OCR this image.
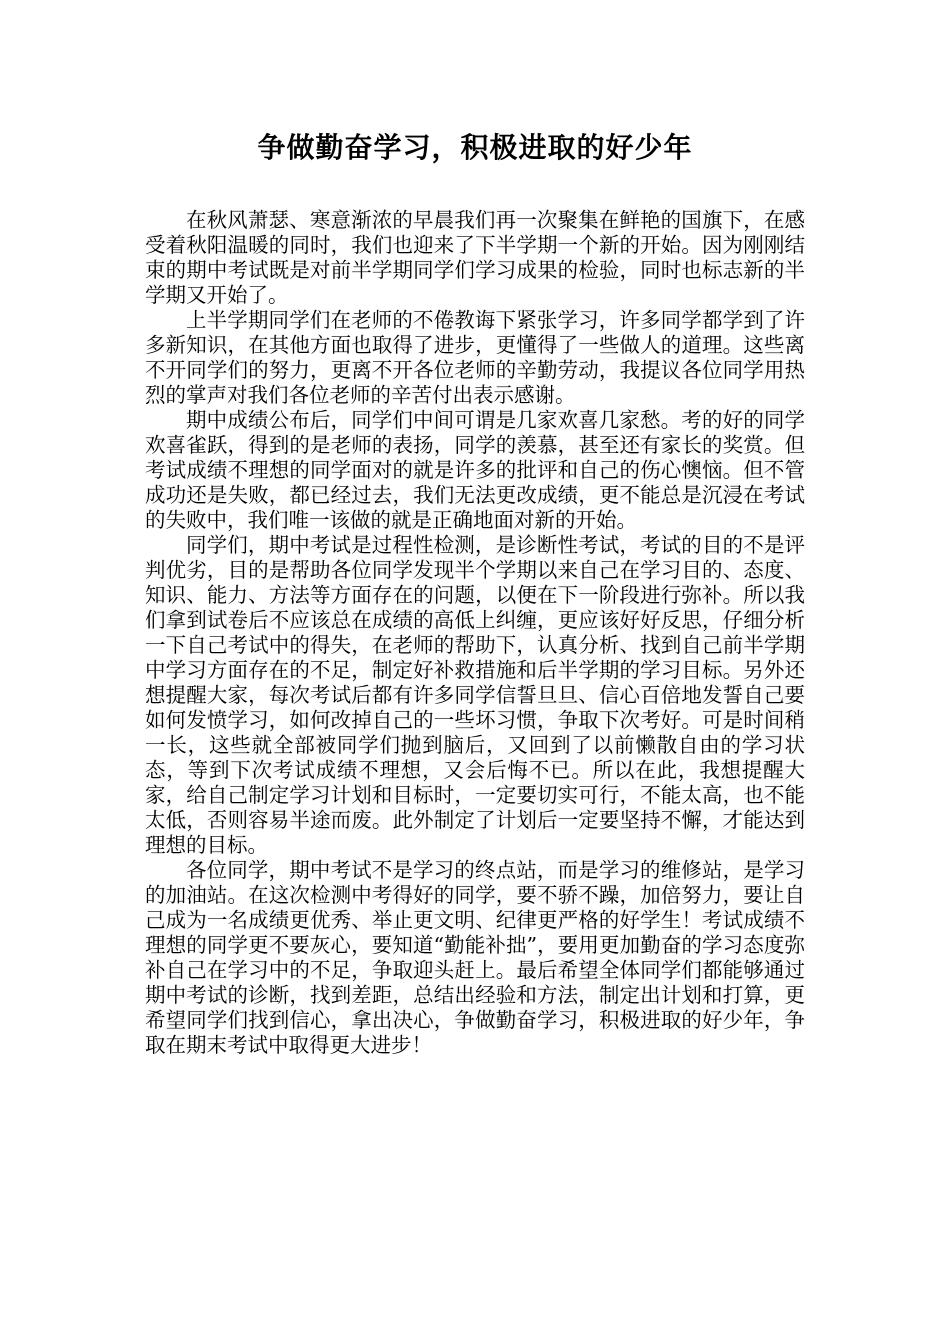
争做勤奋学习，积极进取的好少年

在秋风萧瑟、寒意渐浓的早晨我们再一次聚集在鲜艳的国旗下，在感受着秋阳温暖的同时，我们也迎来了下半学期一个新的开始。因为刚刚结束的期中考试既是对前半学期同学们学习成果的检验，同时也标志新的半学期又开始了。

上半学期同学们在老师的不倦教诲下紧张学习，许多同学都学到了许多新知识，在其他方面也取得了进步，更懂得了一些做人的道理。这些离不开同学们的努力，更离不开各位老师的辛勤劳动，我提议各位同学用热烈的掌声对我们各位老师的辛苦付出表示感谢。

期中成绩公布后，同学们中间可谓是几家欢喜几家愁。考的好的同学欢喜雀跃，得到的是老师的表扬，同学的羡慕，甚至还有家长的奖赏。但考试成绩不理想的同学面对的就是许多的批评和自己的伤心懊恼。但不管成功还是失败，都已经过去，我们无法更改成绩，更不能总是沉浸在考试的失败中，我们唯一该做的就是正确地面对新的开始。

同学们，期中考试是过程性检测，是诊断性考试，考试的目的不是评判优劣，目的是帮助各位同学发现半个学期以来自己在学习目的、态度、知识、能力、方法等方面存在的问题，以便在下一阶段进行弥补。所以我们拿到试卷后不应该总在成绩的高低上纠缠，更应该好好反思，仔细分析一下自己考试中的得失，在老师的帮助下，认真分析、找到自己前半学期中学习方面存在的不足，制定好补救措施和后半学期的学习目标。另外还想提醒大家，每次考试后都有许多同学信誓旦旦、信心百倍地发誓自己要如何发愤学习，如何改掉自己的一些坏习惯，争取下次考好。可是时间稍一长，这些就全部被同学们抛到脑后，又回到了以前懒散自由的学习状态，等到下次考试成绩不理想，又会后悔不已。所以在此，我想提醒大家，给自己制定学习计划和目标时，一定要切实可行，不能太高，也不能太低，否则容易半途而废。此外制定了计划后一定要坚持不懈，才能达到理想的目标。

各位同学，期中考试不是学习的终点站，而是学习的维修站，是学习的加油站。在这次检测中考得好的同学，要不骄不躁，加倍努力，要让自己成为一名成绩更优秀、举止更文明、纪律更严格的好学生！考试成绩不理想的同学更不要灰心，要知道“勤能补拙”，要用更加勤奋的学习态度弥补自己在学习中的不足，争取迎头赶上。最后希望全体同学们都能够通过期中考试的诊断，找到差距，总结出经验和方法，制定出计划和打算，更希望同学们找到信心，拿出决心，争做勤奋学习，积极进取的好少年，争取在期末考试中取得更大进步！
